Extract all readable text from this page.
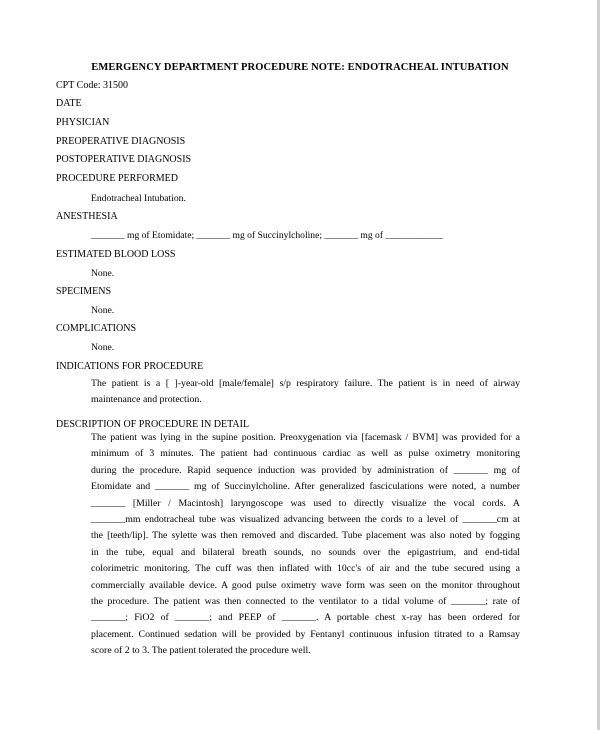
EMERGENCY DEPARTMENT PROCEDURE NOTE: ENDOTRACHEAL INTUBATION
CPT Code: 31500
DATE
PHYSICIAN
PREOPERATIVE DIAGNOSIS
POSTOPERATIVE DIAGNOSIS
PROCEDURE PERFORMED
Endotracheal Intubation.
ANESTHESIA
_______ mg of Etomidate; _______ mg of Succinylcholine; _______ mg of ____________
ESTIMATED BLOOD LOSS
None.
SPECIMENS
None.
COMPLICATIONS
None.
INDICATIONS FOR PROCEDURE
The patient is a [ ]-year-old [male/female] s/p respiratory failure. The patient is in need of airway
maintenance and protection.
DESCRIPTION OF PROCEDURE IN DETAIL
The patient was lying in the supine position. Preoxygenation via [facemask / BVM] was provided for a
minimum of 3 minutes. The patient had continuous cardiac as well as pulse oximetry monitoring
during the procedure. Rapid sequence induction was provided by administration of _______ mg of
Etomidate and _______ mg of Succinylcholine. After generalized fasciculations were noted, a number
_______ [Miller / Macintosh] laryngoscope was used to directly visualize the vocal cords. A
_______mm endotracheal tube was visualized advancing between the cords to a level of _______cm at
the [teeth/lip]. The sylette was then removed and discarded. Tube placement was also noted by fogging
in the tube, equal and bilateral breath sounds, no sounds over the epigastrium, and end-tidal
colorimetric monitoring. The cuff was then inflated with 10cc's of air and the tube secured using a
commercially available device. A good pulse oximetry wave form was seen on the monitor throughout
the procedure. The patient was then connected to the ventilator to a tidal volume of _______; rate of
_______; FiO2 of _______; and PEEP of _______. A portable chest x-ray has been ordered for
placement. Continued sedation will be provided by Fentanyl continuous infusion titrated to a Ramsay
score of 2 to 3. The patient tolerated the procedure well.
